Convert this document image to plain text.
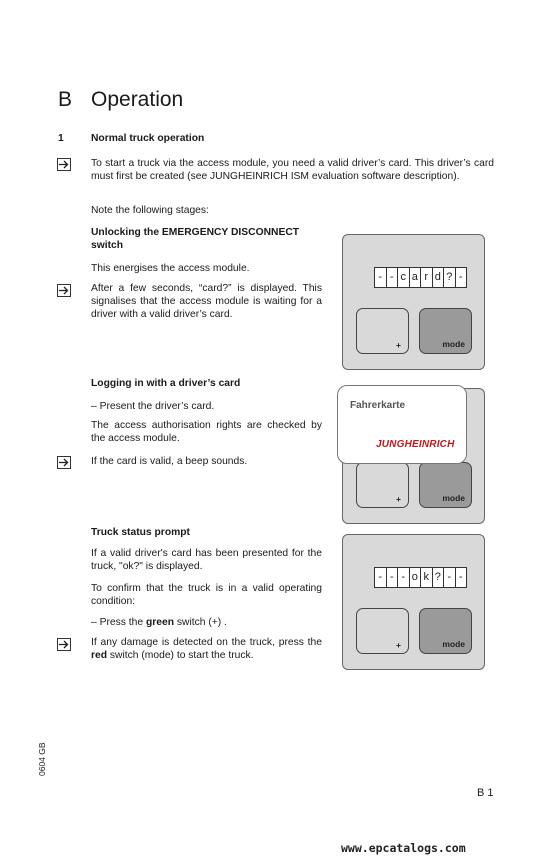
B Operation
1	Normal truck operation

To start a truck via the access module, you need a valid driver’s card. This driver’s card must first be created (see JUNGHEINRICH ISM evaluation software description).

Note the following stages:

Unlocking the EMERGENCY DISCONNECT
switch

This energises the access module.

After a few seconds, “card?” is displayed. This signalises that the access module is waiting for a driver with a valid driver’s card.

- - c a r d ? -
+	mode

Logging in with a driver’s card

– Present the driver’s card.

The access authorisation rights are checked by the access module.

If the card is valid, a beep sounds.

+	mode
Fahrerkarte
JUNGHEINRICH

Truck status prompt

If a valid driver's card has been presented for the truck, "ok?" is displayed.

To confirm that the truck is in a valid operating condition:

– Press the green switch (+) .

If any damage is detected on the truck, press the red switch (mode) to start the truck.

- - - o k ? - -
+	mode
0604 GB
B 1
www.epcatalogs.com
